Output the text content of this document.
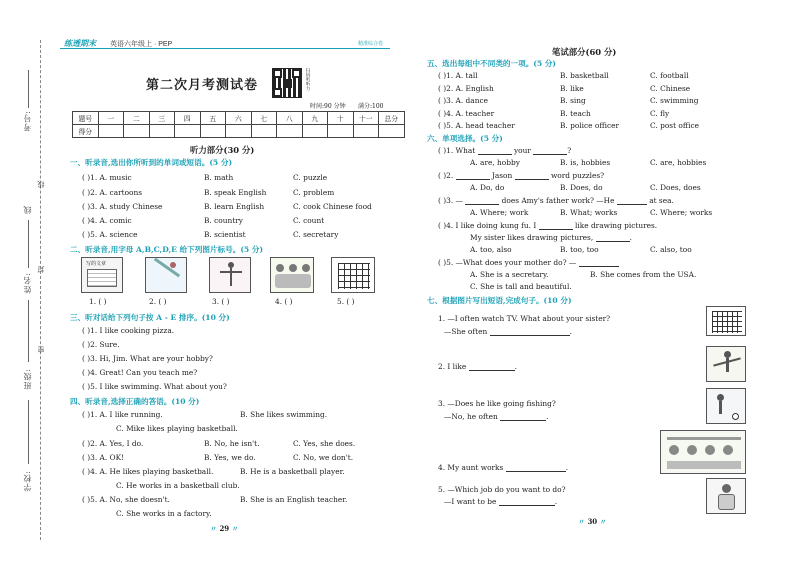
考号:
线
线
姓名:
封
班级:
密
学校:
练透期末 英语六年级上 · PEP	精准综合卷
第二次月考测试卷	扫码听听力
时间:90 分钟 满分:100
题号	一	二	三	四	五	六	七	八	九	十	十一	总分
得分												
听力部分(30 分)
一、听录音,选出你所听到的单词或短语。(5 分)
( )1. A. music	B. math	C. puzzle
( )2. A. cartoons	B. speak English	C. problem
( )3. A. study Chinese	B. learn English	C. cook Chinese food
( )4. A. comic	B. country	C. count
( )5. A. science	B. scientist	C. secretary
二、听录音,用字母 A,B,C,D,E 给下列图片标号。(5 分)
写的文章
1. ( )	2. ( )	3. ( )	4. ( )	5. ( )
三、听对话给下列句子按 A - E 排序。(10 分)
( )1. I like cooking pizza.
( )2. Sure.
( )3. Hi, Jim. What are your hobby?
( )4. Great! Can you teach me?
( )5. I like swimming. What about you?
四、听录音,选择正确的答语。(10 分)
( )1. A. I like running.	B. She likes swimming.
C. Mike likes playing basketball.
( )2. A. Yes, I do.	B. No, he isn't.	C. Yes, she does.
( )3. A. OK!	B. Yes, we do.	C. No, we don't.
( )4. A. He likes playing basketball.	B. He is a basketball player.
C. He works in a basketball club.
( )5. A. No, she doesn't.	B. She is an English teacher.
C. She works in a factory.
〃 29 〃
笔试部分(60 分)
五、选出每组中不同类的一项。(5 分)
( )1. A. tall	B. basketball	C. football
( )2. A. English	B. like	C. Chinese
( )3. A. dance	B. sing	C. swimming
( )4. A. teacher	B. teach	C. fly
( )5. A. head teacher	B. police officer	C. post office
六、单项选择。(5 分)
( )1. What	your	?
A. are, hobby	B. is, hobbies	C. are, hobbies
( )2.	Jason	word puzzles?
A. Do, do	B. Does, do	C. Does, does
( )3. —	does Amy's father work? —He	at sea.
A. Where; work	B. What; works	C. Where; works
( )4. I like doing kung fu. I	like drawing pictures.
My sister likes drawing pictures,	.
A. too, also	B. too, too	C. also, too
( )5. —What does your mother do? —
A. She is a secretary.	B. She comes from the USA.
C. She is tall and beautiful.
七、根据图片写出短语,完成句子。(10 分)
1. —I often watch TV. What about your sister?
—She often	.
2. I like	.
3. —Does he like going fishing?
—No, he often	.
4. My aunt works	.
5. —Which job do you want to do?
—I want to be	.
〃 30 〃
